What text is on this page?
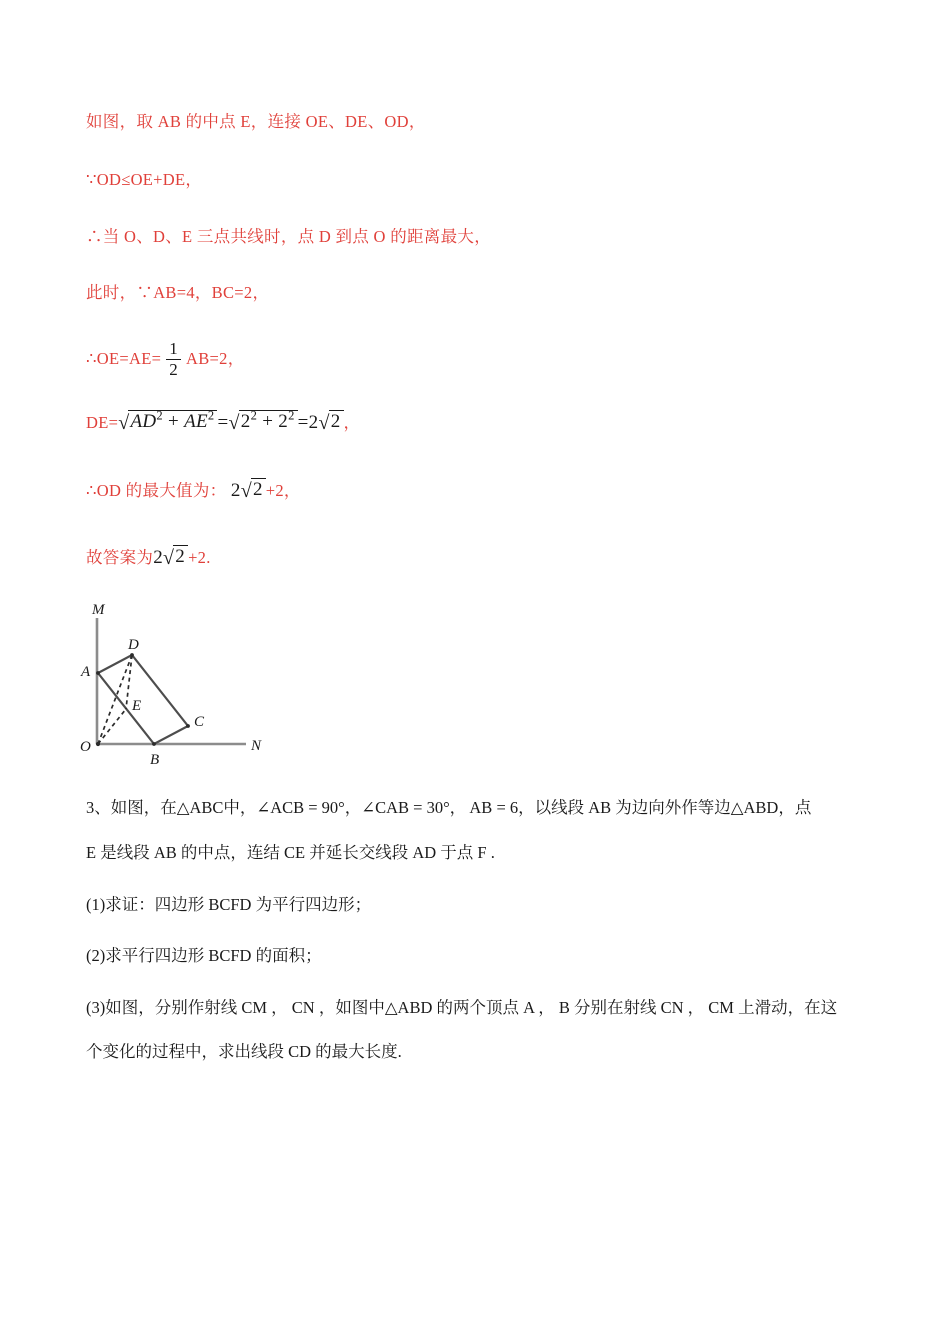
如图，取 AB 的中点 E，连接 OE、DE、OD，
∵OD≤OE+DE，
∴当 O、D、E 三点共线时，点 D 到点 O 的距离最大，
此时，∵AB=4，BC=2，
∴OE=AE= $\frac{1}{2} AB=2$，
$DE=√AD^2 + AE^2 =√2^2 + 2^2 =2√2$ ，
∴OD 的最大值为： 2√2 +2，
故答案为2√2 +2.
M
N
O
A
B
C
D
E
3、如图，在△ABC中，∠ACB = 90°，∠CAB = 30°， AB = 6，以线段 AB 为边向外作等边△ABD，点
E 是线段 AB 的中点，连结 CE 并延长交线段 AD 于点 F .
(1)求证：四边形 BCFD 为平行四边形；
(2)求平行四边形 BCFD 的面积；
(3)如图，分别作射线 CM ， CN ，如图中△ABD 的两个顶点 A ， B 分别在射线 CN ， CM 上滑动，在这
个变化的过程中，求出线段 CD 的最大长度.
